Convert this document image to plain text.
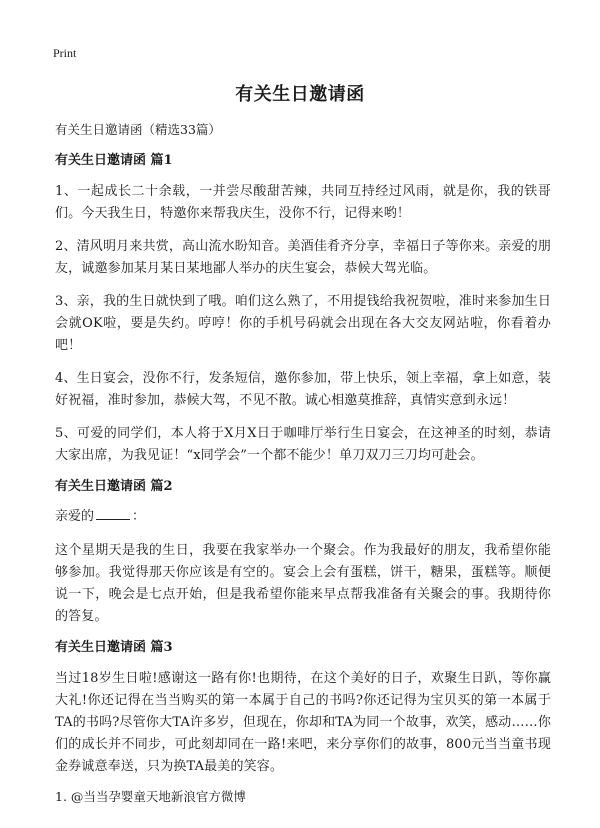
Print
有关生日邀请函

有关生日邀请函（精选33篇）

有关生日邀请函 篇1

1、一起成长二十余载，一并尝尽酸甜苦辣，共同互持经过风雨，就是你，我的铁哥们。今天我生日，特邀你来帮我庆生，没你不行，记得来哟！

2、清风明月来共赏，高山流水盼知音。美酒佳肴齐分享，幸福日子等你来。亲爱的朋友，诚邀参加某月某日某地鄙人举办的庆生宴会，恭候大驾光临。

3、亲，我的生日就快到了哦。咱们这么熟了，不用提钱给我祝贺啦，准时来参加生日会就OK啦，要是失约。哼哼！你的手机号码就会出现在各大交友网站啦，你看着办吧！

4、生日宴会，没你不行，发条短信，邀你参加，带上快乐，领上幸福，拿上如意，装好祝福，准时参加，恭候大驾，不见不散。诚心相邀莫推辞，真情实意到永远！

5、可爱的同学们，本人将于X月X日于咖啡厅举行生日宴会，在这神圣的时刻，恭请大家出席，为我见证！“x同学会”一个都不能少！单刀双刀三刀均可赴会。

有关生日邀请函 篇2

亲爱的	：

这个星期天是我的生日，我要在我家举办一个聚会。作为我最好的朋友，我希望你能够参加。我觉得那天你应该是有空的。宴会上会有蛋糕，饼干，糖果，蛋糕等。顺便说一下，晚会是七点开始，但是我希望你能来早点帮我准备有关聚会的事。我期待你的答复。

有关生日邀请函 篇3

当过18岁生日啦!感谢这一路有你!也期待，在这个美好的日子，欢聚生日趴，等你赢大礼!你还记得在当当购买的第一本属于自己的书吗?你还记得为宝贝买的第一本属于TA的书吗?尽管你大TA许多岁，但现在，你却和TA为同一个故事，欢笑，感动……你们的成长并不同步，可此刻却同在一路!来吧，来分享你们的故事，800元当当童书现金券诚意奉送，只为换TA最美的笑容。

1. @当当孕婴童天地新浪官方微博
